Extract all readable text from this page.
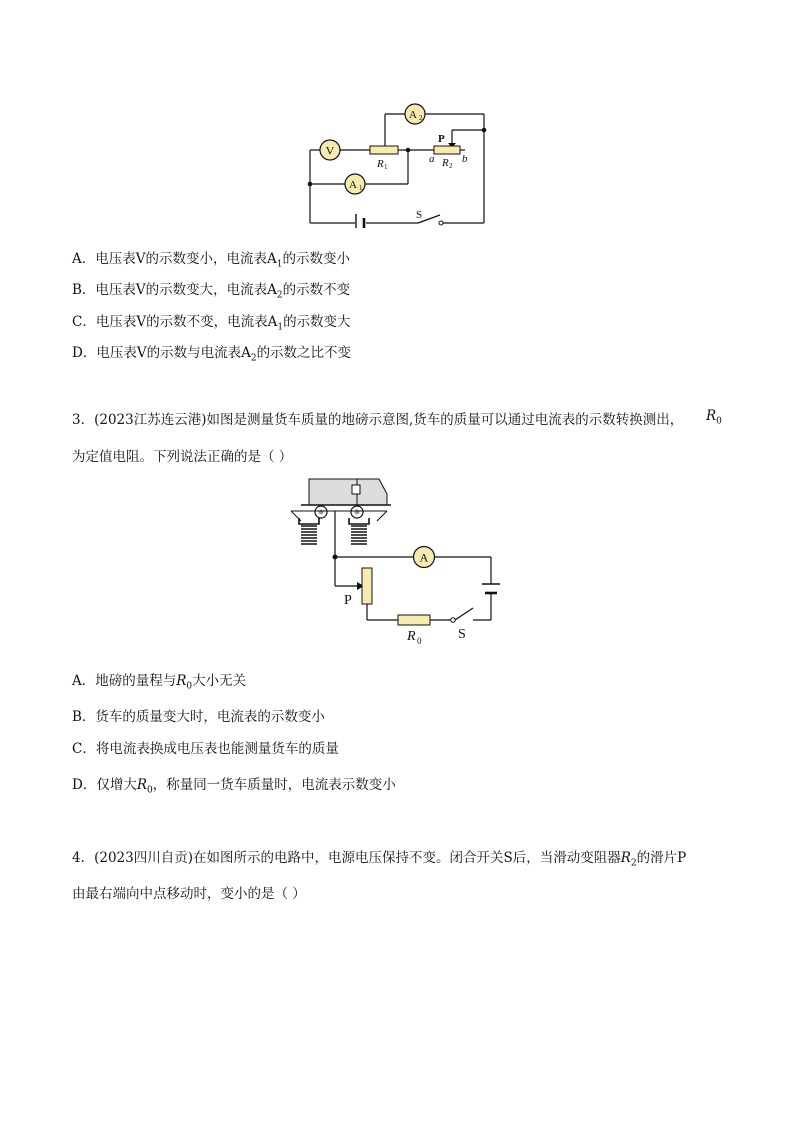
V
A 1
A 2
R 1	R 2
P
a	b
S
A．电压表V的示数变小，电流表$A_1$的示数变小
B．电压表V的示数变大，电流表$A_2$的示数不变
C．电压表V的示数不变，电流表$A_1$的示数变大
D．电压表V的示数与电流表$A_2$的示数之比不变
3．(2023江苏连云港)如图是测量货车质量的地磅示意图,货车的质量可以通过电流表的示数转换测出， $R_0$
为定值电阻。下列说法正确的是（ ）
A
P
R 0	S
A．地磅的量程与$R_0$大小无关
B．货车的质量变大时，电流表的示数变小
C．将电流表换成电压表也能测量货车的质量
D．仅增大$R_0$，称量同一货车质量时，电流表示数变小
4．(2023四川自贡)在如图所示的电路中，电源电压保持不变。闭合开关S后，当滑动变阻器$R_2$的滑片P
由最右端向中点移动时，变小的是（ ）
